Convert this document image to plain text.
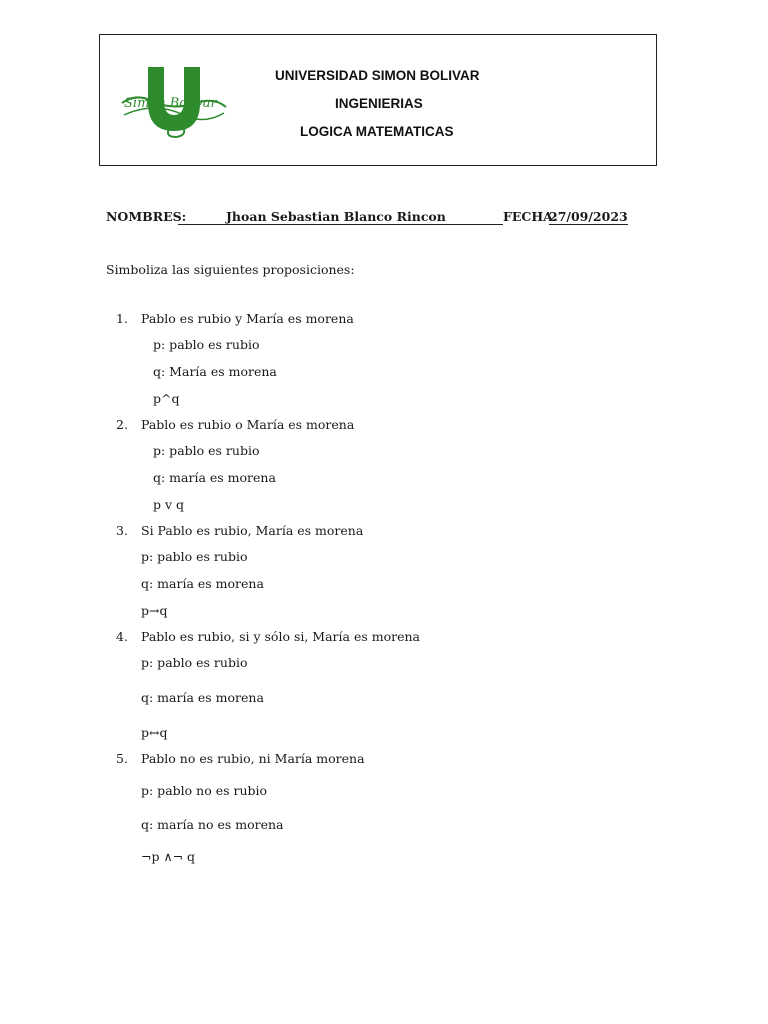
Simon Bolivar
UNIVERSIDAD SIMON BOLIVAR
INGENIERIAS
LOGICA MATEMATICAS
NOMBRES:	Jhoan Sebastian Blanco Rincon	FECHA:
27/09/2023
Simboliza las siguientes proposiciones:
1. Pablo es rubio y María es morena
p: pablo es rubio
q: María es morena
p^q
2. Pablo es rubio o María es morena
p: pablo es rubio
q: maría es morena
p v q
3. Si Pablo es rubio, María es morena
p: pablo es rubio
q: maría es morena
p→q
4. Pablo es rubio, si y sólo si, María es morena
p: pablo es rubio
q: maría es morena
p↔q
5. Pablo no es rubio, ni María morena
p: pablo no es rubio
q: maría no es morena
¬p ∧¬ q
